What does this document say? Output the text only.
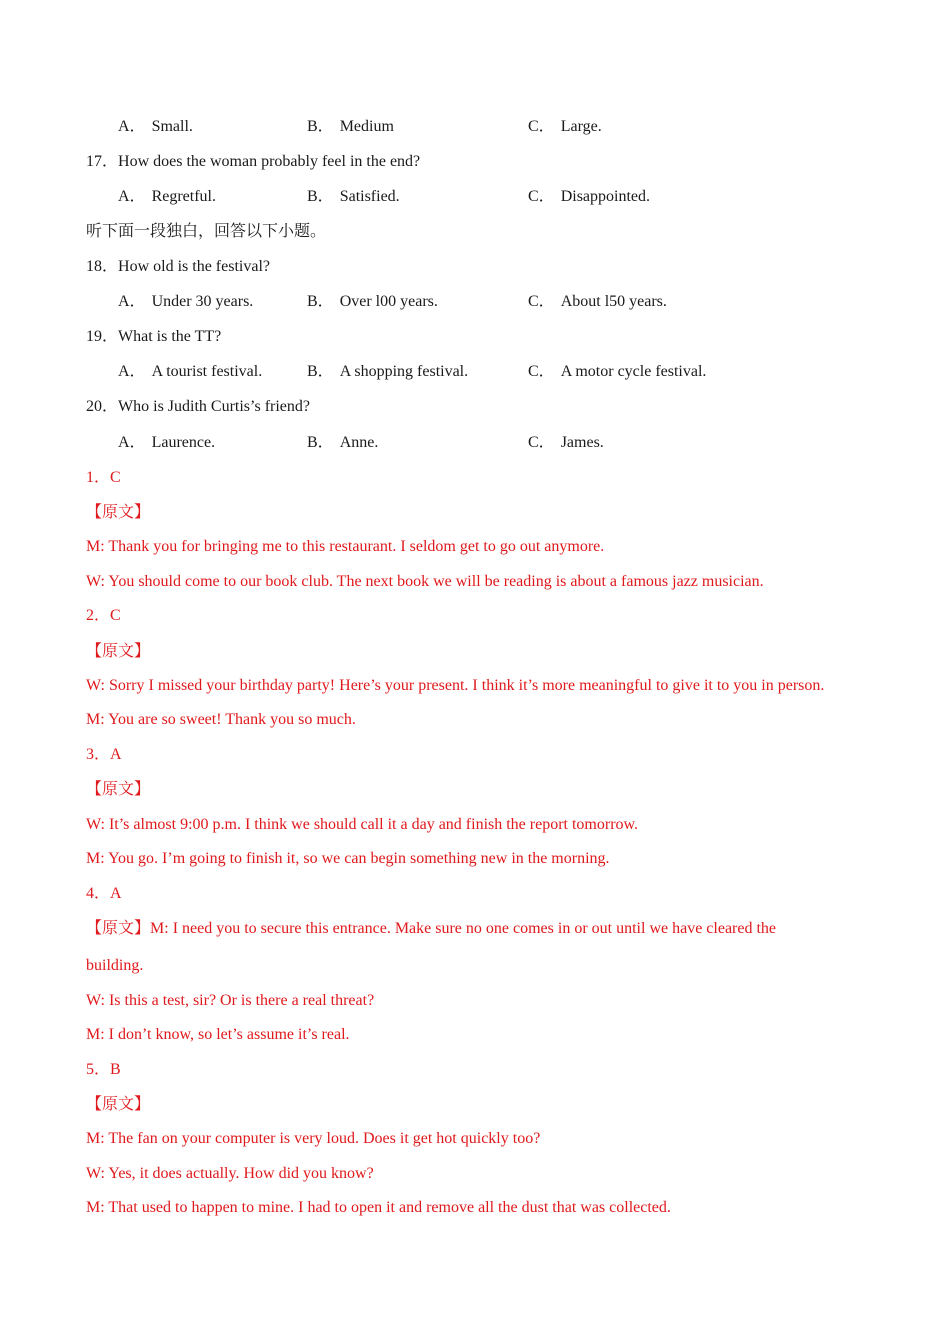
A． Small.	B． Medium	C． Large.
17．How does the woman probably feel in the end?
A． Regretful.	B． Satisfied.	C． Disappointed.
听下面一段独白，回答以下小题。
18．How old is the festival?
A． Under 30 years.	B． Over l00 years.	C． About l50 years.
19．What is the TT?
A． A tourist festival.	B． A shopping festival.	C． A motor cycle festival.
20．Who is Judith Curtis’s friend?
A． Laurence.	B． Anne.	C． James.
1．C
【原文】
M: Thank you for bringing me to this restaurant. I seldom get to go out anymore.
W: You should come to our book club. The next book we will be reading is about a famous jazz musician.
2．C
【原文】
W: Sorry I missed your birthday party! Here’s your present. I think it’s more meaningful to give it to you in person.
M: You are so sweet! Thank you so much.
3．A
【原文】
W: It’s almost 9:00 p.m. I think we should call it a day and finish the report tomorrow.
M: You go. I’m going to finish it, so we can begin something new in the morning.
4．A
【原文】M: I need you to secure this entrance. Make sure no one comes in or out until we have cleared the
building.
W: Is this a test, sir? Or is there a real threat?
M: I don’t know, so let’s assume it’s real.
5．B
【原文】
M: The fan on your computer is very loud. Does it get hot quickly too?
W: Yes, it does actually. How did you know?
M: That used to happen to mine. I had to open it and remove all the dust that was collected.
